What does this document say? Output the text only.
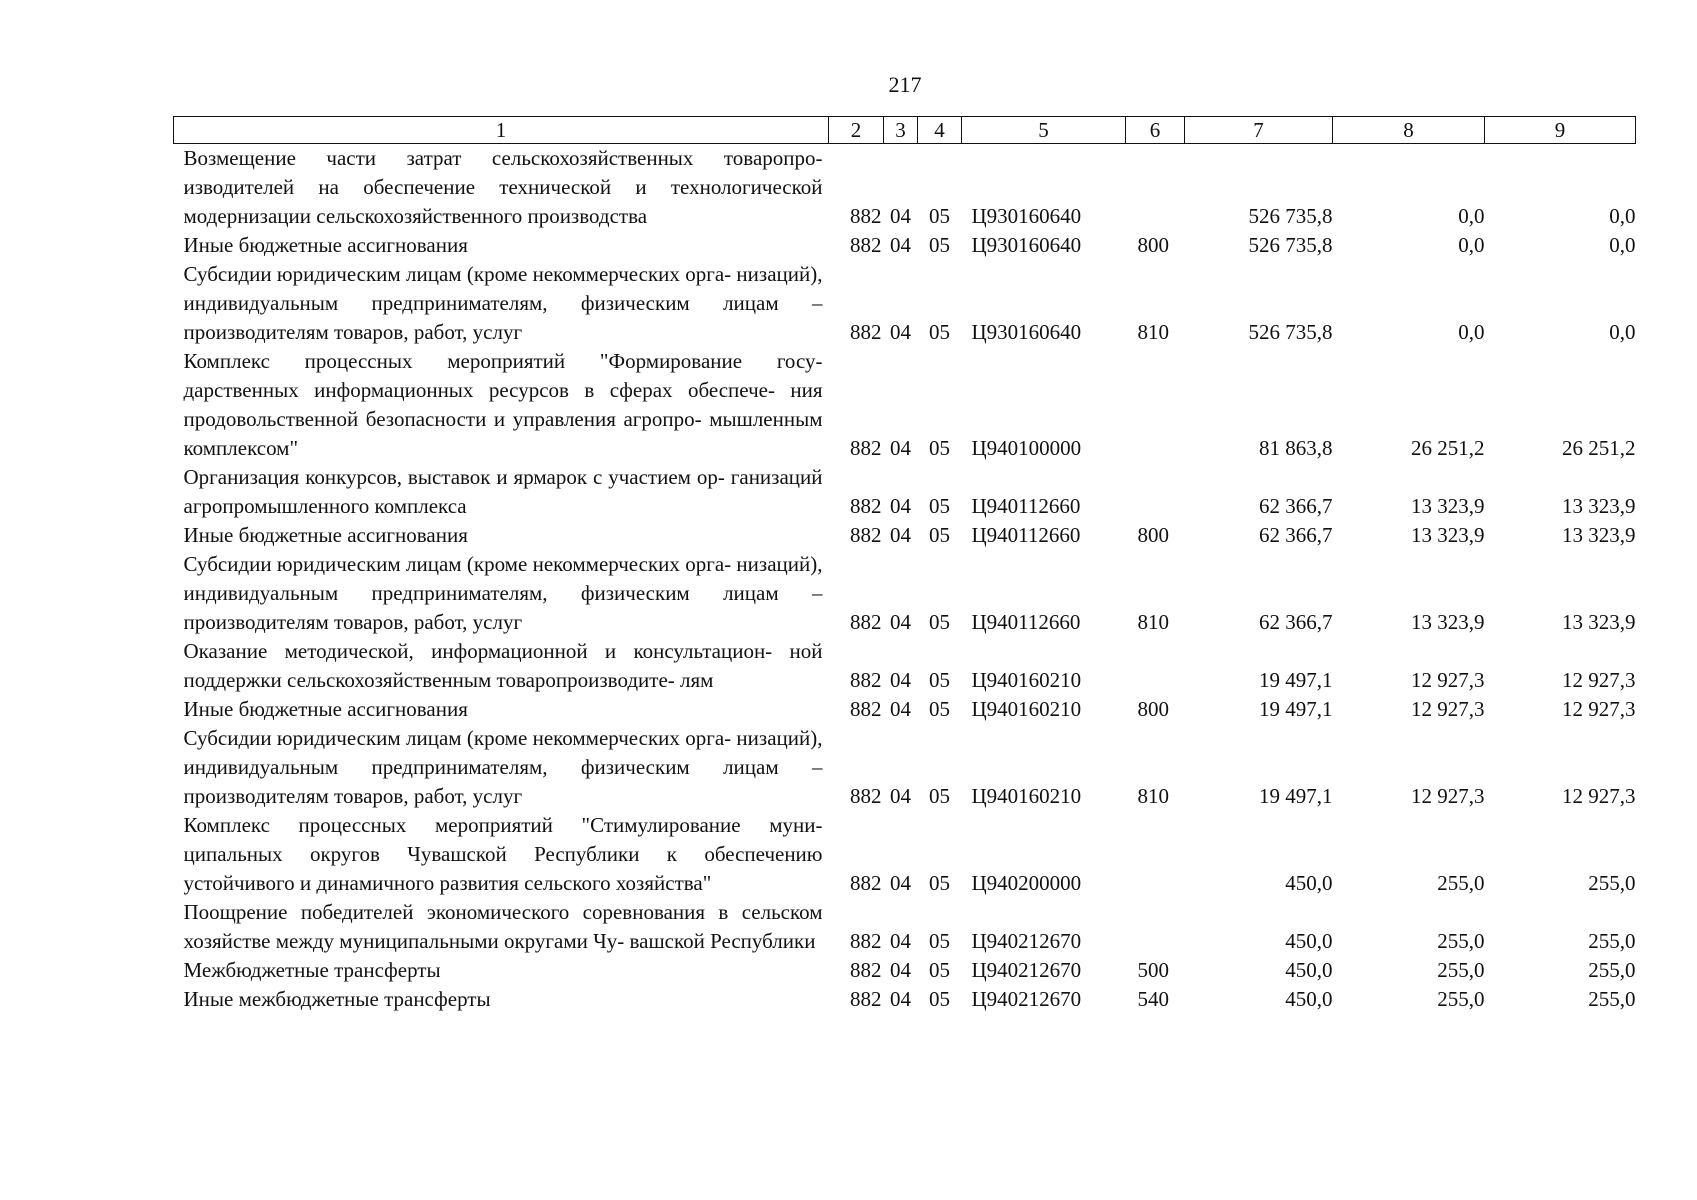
217
1	2	3	4	5	6	7	8	9
Возмещение части затрат сельскохозяйственных товаропро- изводителей на обеспечение технической и технологической модернизации сельскохозяйственного производства	882	04	05	Ц930160640		526 735,8	0,0	0,0
Иные бюджетные ассигнования	882	04	05	Ц930160640	800	526 735,8	0,0	0,0
Субсидии юридическим лицам (кроме некоммерческих орга- низаций), индивидуальным предпринимателям, физическим лицам – производителям товаров, работ, услуг	882	04	05	Ц930160640	810	526 735,8	0,0	0,0
Комплекс процессных мероприятий "Формирование госу- дарственных информационных ресурсов в сферах обеспече- ния продовольственной безопасности и управления агропро- мышленным комплексом"	882	04	05	Ц940100000		81 863,8	26 251,2	26 251,2
Организация конкурсов, выставок и ярмарок с участием ор- ганизаций агропромышленного комплекса	882	04	05	Ц940112660		62 366,7	13 323,9	13 323,9
Иные бюджетные ассигнования	882	04	05	Ц940112660	800	62 366,7	13 323,9	13 323,9
Субсидии юридическим лицам (кроме некоммерческих орга- низаций), индивидуальным предпринимателям, физическим лицам – производителям товаров, работ, услуг	882	04	05	Ц940112660	810	62 366,7	13 323,9	13 323,9
Оказание методической, информационной и консультацион- ной поддержки сельскохозяйственным товаропроизводите- лям	882	04	05	Ц940160210		19 497,1	12 927,3	12 927,3
Иные бюджетные ассигнования	882	04	05	Ц940160210	800	19 497,1	12 927,3	12 927,3
Субсидии юридическим лицам (кроме некоммерческих орга- низаций), индивидуальным предпринимателям, физическим лицам – производителям товаров, работ, услуг	882	04	05	Ц940160210	810	19 497,1	12 927,3	12 927,3
Комплекс процессных мероприятий "Стимулирование муни- ципальных округов Чувашской Республики к обеспечению устойчивого и динамичного развития сельского хозяйства"	882	04	05	Ц940200000		450,0	255,0	255,0
Поощрение победителей экономического соревнования в сельском хозяйстве между муниципальными округами Чу- вашской Республики	882	04	05	Ц940212670		450,0	255,0	255,0
Межбюджетные трансферты	882	04	05	Ц940212670	500	450,0	255,0	255,0
Иные межбюджетные трансферты	882	04	05	Ц940212670	540	450,0	255,0	255,0
